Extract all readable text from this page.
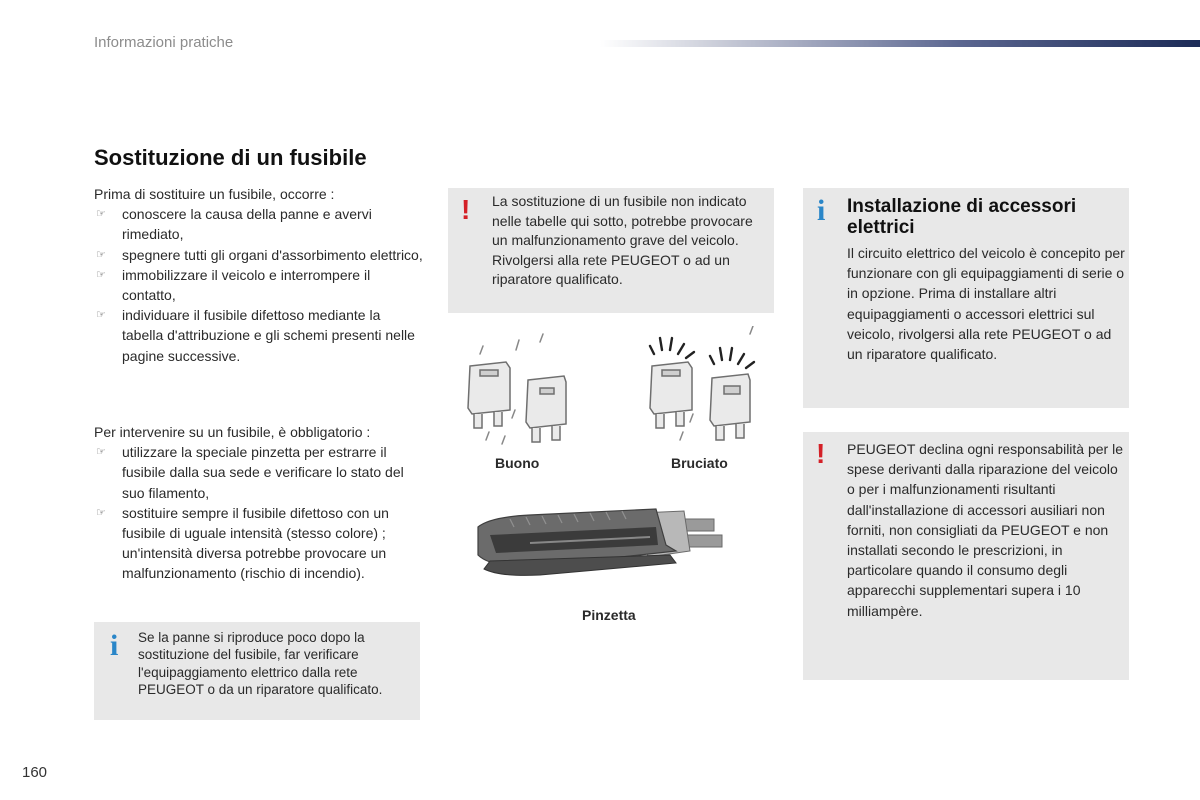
Informazioni pratiche
Sostituzione di un fusibile
Prima di sostituire un fusibile, occorre :
☞ conoscere la causa della panne e avervi rimediato,
☞ spegnere tutti gli organi d'assorbimento elettrico,
☞ immobilizzare il veicolo e interrompere il contatto,
☞ individuare il fusibile difettoso mediante la tabella d'attribuzione e gli schemi presenti nelle pagine successive.
Per intervenire su un fusibile, è obbligatorio :
☞ utilizzare la speciale pinzetta per estrarre il fusibile dalla sua sede e verificare lo stato del suo filamento,
☞ sostituire sempre il fusibile difettoso con un fusibile di uguale intensità (stesso colore) ; un'intensità diversa potrebbe provocare un malfunzionamento (rischio di incendio).
i Se la panne si riproduce poco dopo la sostituzione del fusibile, far verificare l'equipaggiamento elettrico dalla rete PEUGEOT o da un riparatore qualificato.
! La sostituzione di un fusibile non indicato nelle tabelle qui sotto, potrebbe provocare un malfunzionamento grave del veicolo. Rivolgersi alla rete PEUGEOT o ad un riparatore qualificato.
Buono	Bruciato
Pinzetta
i Installazione di accessori elettrici
Il circuito elettrico del veicolo è concepito per funzionare con gli equipaggiamenti di serie o in opzione. Prima di installare altri equipaggiamenti o accessori elettrici sul veicolo, rivolgersi alla rete PEUGEOT o ad un riparatore qualificato.
! PEUGEOT declina ogni responsabilità per le spese derivanti dalla riparazione del veicolo o per i malfunzionamenti risultanti dall'installazione di accessori ausiliari non forniti, non consigliati da PEUGEOT e non installati secondo le prescrizioni, in particolare quando il consumo degli apparecchi supplementari supera i 10 milliampère.
160
